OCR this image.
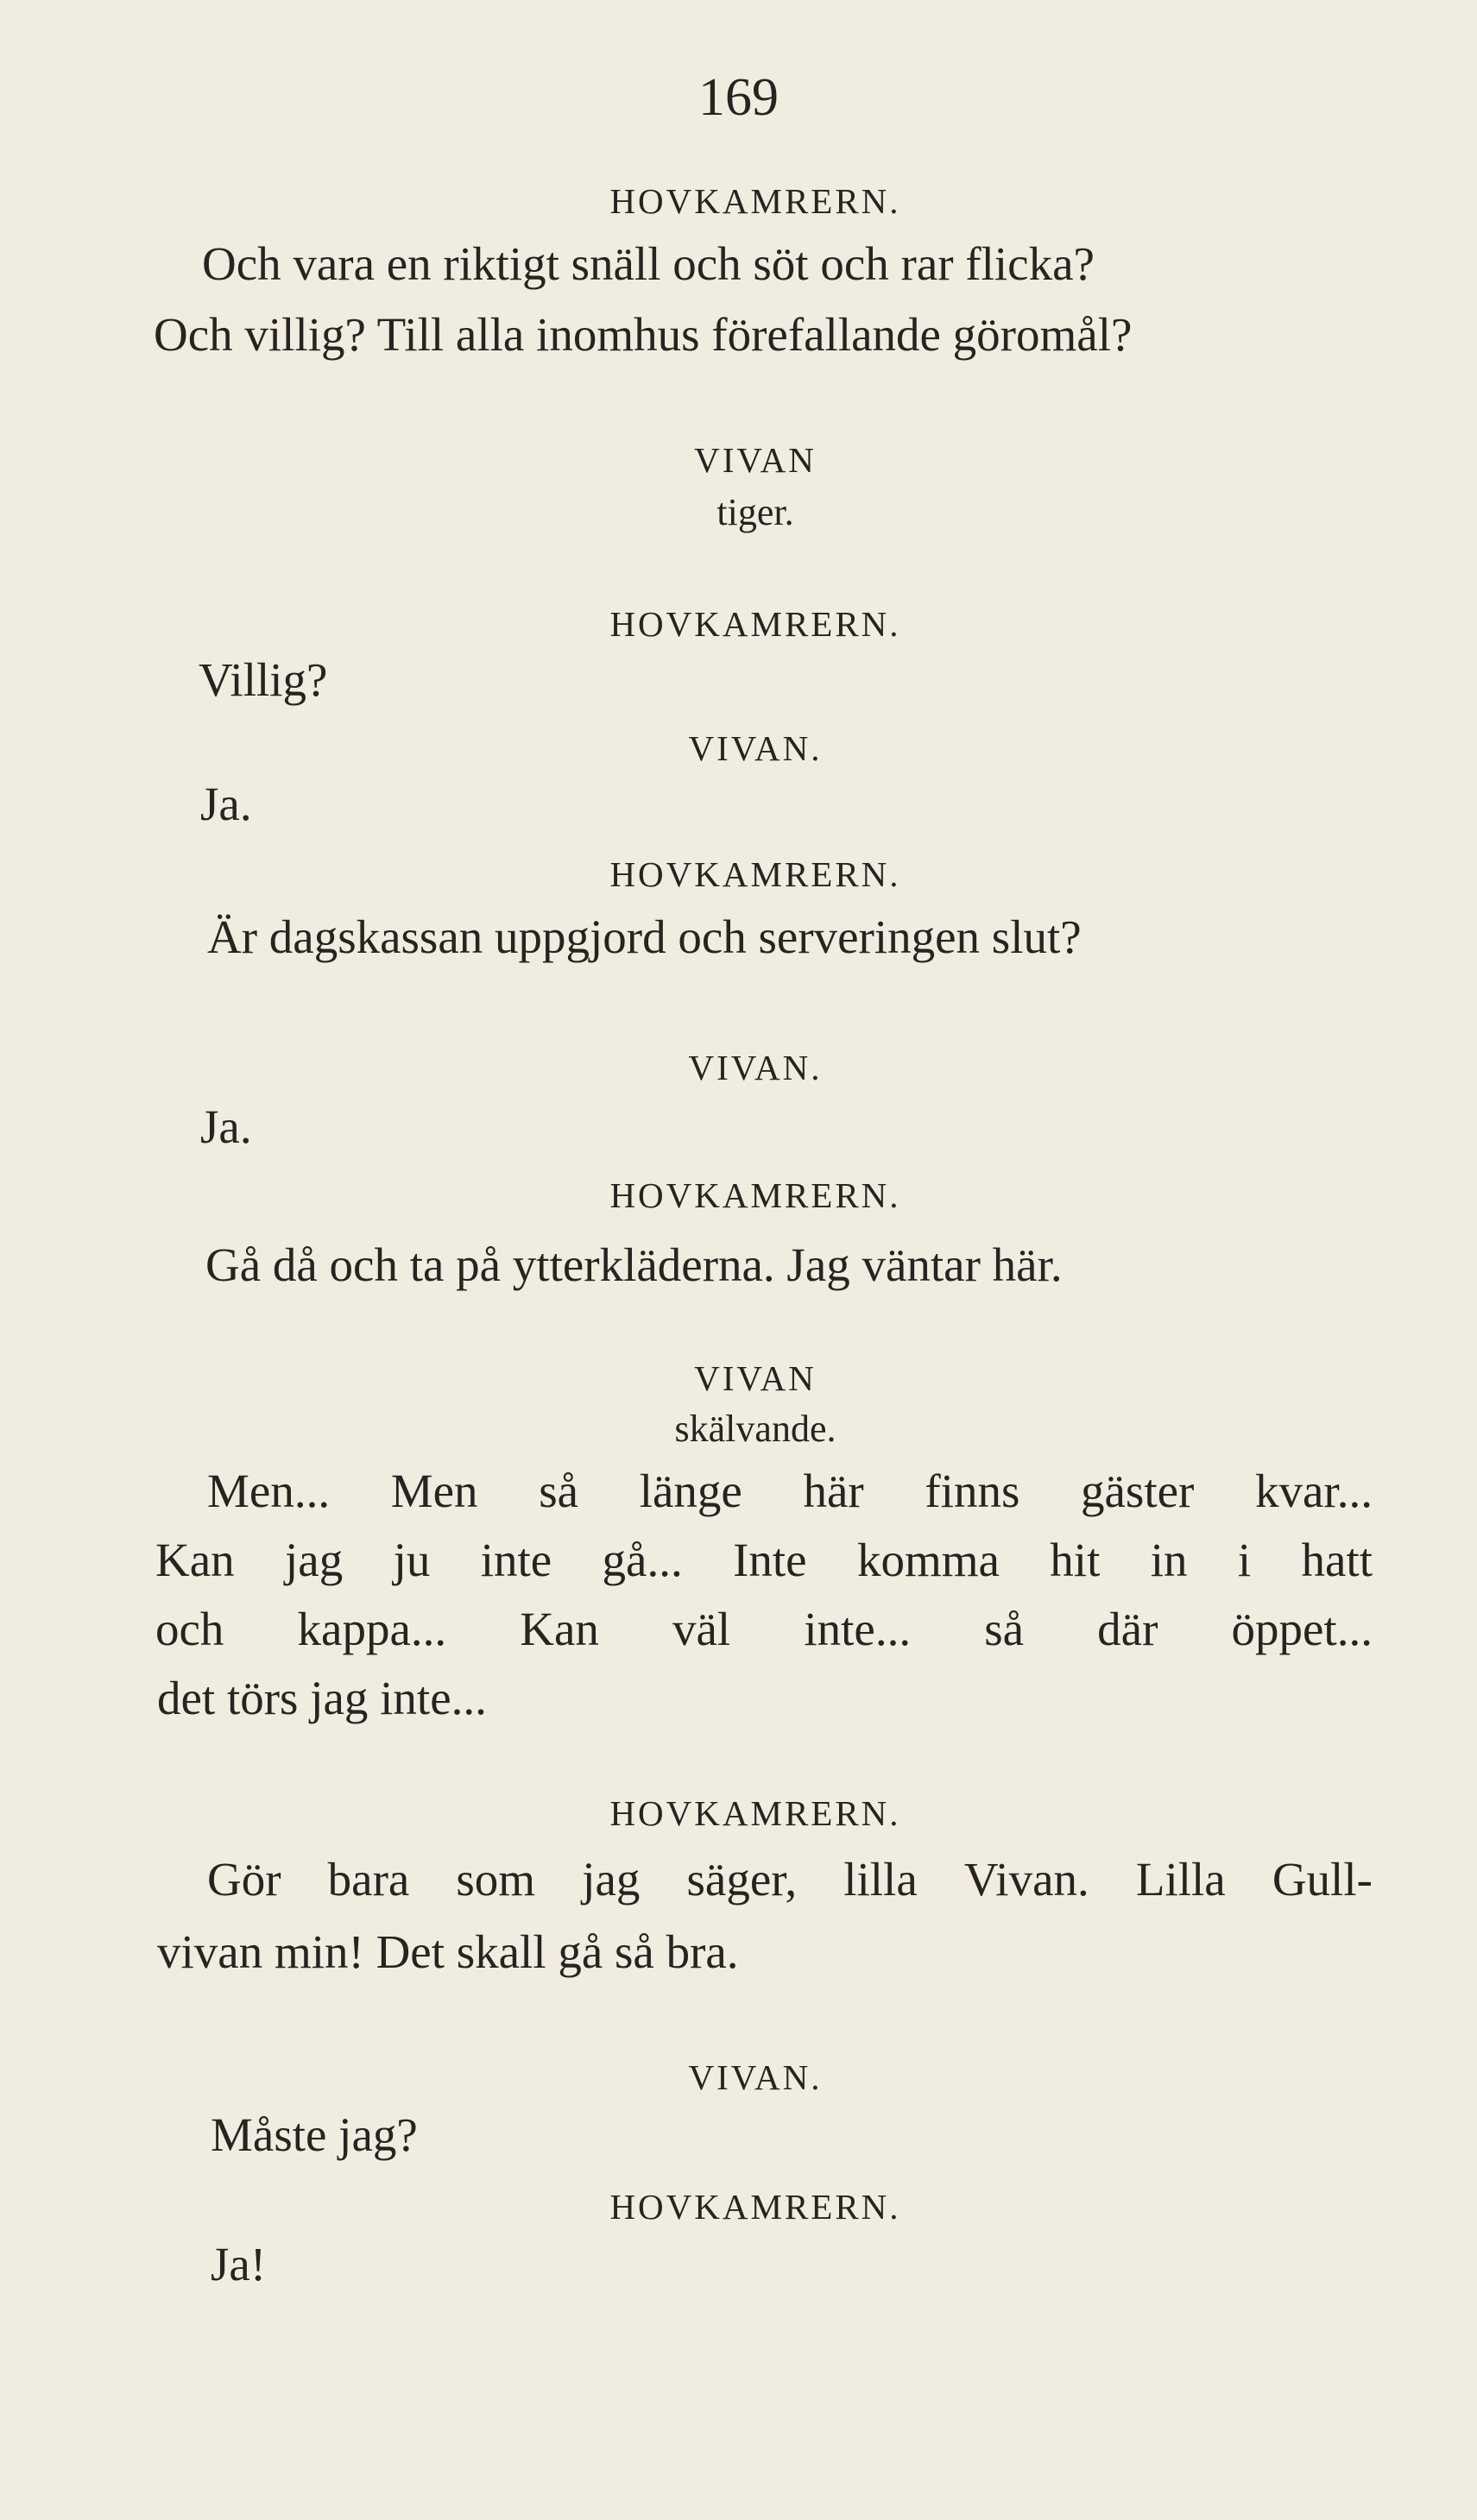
169
HOVKAMRERN.
Och vara en riktigt snäll och söt och rar flicka?
Och villig? Till alla inomhus förefallande göromål?
VIVAN
tiger.
HOVKAMRERN.
Villig?
VIVAN.
Ja.
HOVKAMRERN.
Är dagskassan uppgjord och serveringen slut?
VIVAN.
Ja.
HOVKAMRERN.
Gå då och ta på ytterkläderna. Jag väntar här.
VIVAN
skälvande.
Men... Men så länge här finns gäster kvar...
Kan jag ju inte gå... Inte komma hit in i hatt
och kappa... Kan väl inte... så där öppet...
det törs jag inte...
HOVKAMRERN.
Gör bara som jag säger, lilla Vivan. Lilla Gull-
vivan min! Det skall gå så bra.
VIVAN.
Måste jag?
HOVKAMRERN.
Ja!
